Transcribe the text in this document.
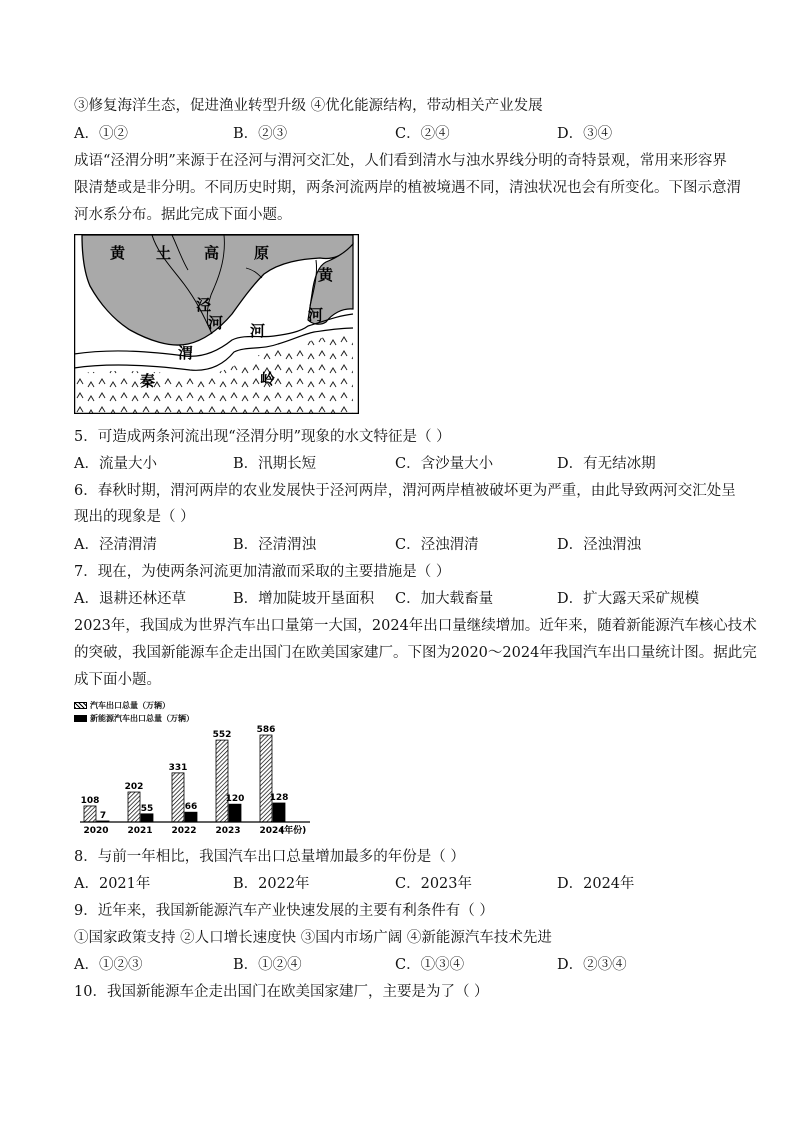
③修复海洋生态，促进渔业转型升级 ④优化能源结构，带动相关产业发展
A．①②	B．②③	C．②④	D．③④
成语“泾渭分明”来源于在泾河与渭河交汇处，人们看到清水与浊水界线分明的奇特景观，常用来形容界
限清楚或是非分明。不同历史时期，两条河流两岸的植被境遇不同，清浊状况也会有所变化。下图示意渭
河水系分布。据此完成下面小题。
黄 土 高 原
泾
河 河
黄
河
渭
秦	岭
5．可造成两条河流出现“泾渭分明”现象的水文特征是（ ）
A．流量大小	B．汛期长短	C．含沙量大小	D．有无结冰期
6．春秋时期，渭河两岸的农业发展快于泾河两岸，渭河两岸植被破坏更为严重，由此导致两河交汇处呈
现出的现象是（ ）
A．泾清渭清	B．泾清渭浊	C．泾浊渭清	D．泾浊渭浊
7．现在，为使两条河流更加清澈而采取的主要措施是（ ）
A．退耕还林还草	B．增加陡坡开垦面积 C．加大载畜量	D．扩大露天采矿规模
2023年，我国成为世界汽车出口量第一大国，2024年出口量继续增加。近年来，随着新能源汽车核心技术
的突破，我国新能源车企走出国门在欧美国家建厂。下图为2020～2024年我国汽车出口量统计图。据此完
成下面小题。
汽车出口总量（万辆）
新能源汽车出口总量（万辆）
108
7
202
55
331
66
552
120
586
128
2020 2021 2022 2023 2024
(年份)
8．与前一年相比，我国汽车出口总量增加最多的年份是（ ）
A．2021年	B．2022年	C．2023年	D．2024年
9．近年来，我国新能源汽车产业快速发展的主要有利条件有（ ）
①国家政策支持 ②人口增长速度快 ③国内市场广阔 ④新能源汽车技术先进
A．①②③	B．①②④	C．①③④	D．②③④
10．我国新能源车企走出国门在欧美国家建厂，主要是为了（ ）
